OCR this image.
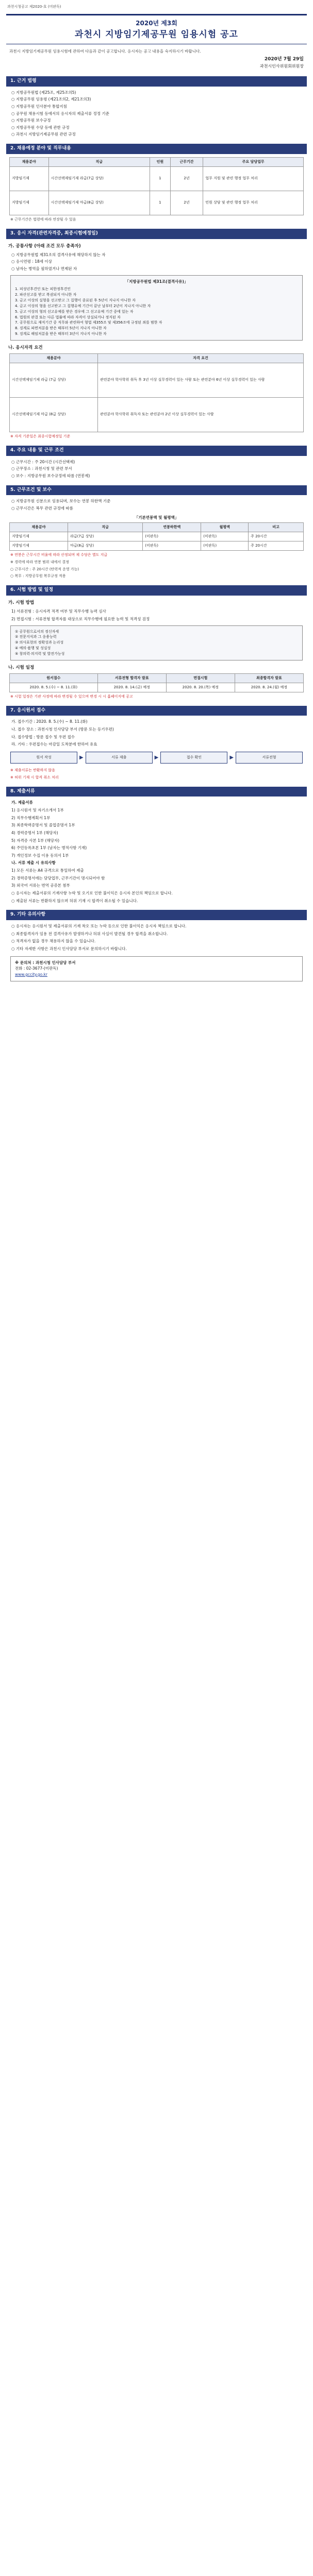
과천시청공고 제2020-호 (미판독)
2020년 제3회
과천시 지방임기제공무원 임용시험 공고
과천시 지방임기제공무원 임용시험에 관하여 다음과 같이 공고합니다. 응시자는 공고 내용을 숙지하시기 바랍니다.
2020년 7월 29일
과천시인사위원회위원장
1. 근거 법령
○ 지방공무원법 (제25조, 제25조의5)
○ 지방공무원 임용령 (제21조의2, 제21조의3)
○ 지방공무원 인사분야 통합지침
○ 공무원 채용시험 등에서의 응시자의 제출서류 정정 기준
○ 지방공무원 보수규정
○ 지방공무원 수당 등에 관한 규정
○ 과천시 지방임기제공무원 관련 규정
2. 채용예정 분야 및 직무내용
채용분야	직급	인원	근무기간	주요 담당업무
지방임기제	시간선택제임기제 라급(7급 상당)	1	2년	업무 지원 및 관련 행정 업무 처리
지방임기제	시간선택제임기제 마급(8급 상당)	1	2년	민원 상담 및 관련 행정 업무 처리
※ 근무기간은 법령에 따라 연장될 수 있음
3. 응시 자격(관련자격증, 최종시험예정일)
가. 공통사항 (아래 조건 모두 충족자)
○ 지방공무원법 제31조의 결격사유에 해당하지 않는 자
○ 응시연령 : 18세 이상
○ 남자는 병역을 필하였거나 면제된 자
「지방공무원법 제31조(결격사유)」
1. 피성년후견인 또는 피한정후견인
2. 파산선고를 받고 복권되지 아니한 자
3. 금고 이상의 실형을 선고받고 그 집행이 종료된 후 5년이 지나지 아니한 자
4. 금고 이상의 형을 선고받고 그 집행유예 기간이 끝난 날부터 2년이 지나지 아니한 자
5. 금고 이상의 형의 선고유예를 받은 경우에 그 선고유예 기간 중에 있는 자
6. 법원의 판결 또는 다른 법률에 따라 자격이 상실되거나 정지된 자
7. 공무원으로 재직기간 중 직무와 관련하여 형법 제355조 및 제356조에 규정된 죄를 범한 자
8. 징계로 파면처분을 받은 때부터 5년이 지나지 아니한 자
9. 징계로 해임처분을 받은 때부터 3년이 지나지 아니한 자
나. 응시자격 요건
채용분야	자격 요건
시간선택제임기제 라급 (7급 상당)	관련분야 학사학위 취득 후 3년 이상 실무경력이 있는 사람 또는 관련분야 6년 이상 실무경력이 있는 사람
시간선택제임기제 마급 (8급 상당)	관련분야 학사학위 취득자 또는 관련분야 2년 이상 실무경력이 있는 사람
※ 자격 기준일은 최종시험예정일 기준
4. 주요 내용 및 근무 조건
○ 근무시간 : 주 20시간 (시간선택제)
○ 근무장소 : 과천시청 및 관련 부서
○ 보수 : 지방공무원 보수규정에 따름 (연봉제)
5. 근무조건 및 보수
○ 지방공무원 신분으로 임용되며, 보수는 연봉 하한액 기준
○ 근무시간은 복무 관련 규정에 따름
「기본연봉액 및 월평액」
채용분야	직급	연봉하한액	월평액	비고
지방임기제	라급(7급 상당)	(미판독)	(미판독)	주 20시간
지방임기제	마급(8급 상당)	(미판독)	(미판독)	주 20시간
※ 연봉은 근무시간 비율에 따라 산정되며 제 수당은 별도 지급
※ 경력에 따라 연봉 범위 내에서 결정
○ 근무시간 : 주 20시간 (탄력적 운영 가능)
○ 복무 : 지방공무원 복무규정 적용
6. 시험 방법 및 일정
가. 시험 방법
1) 서류전형 : 응시자격 적격 여부 및 직무수행 능력 심사
2) 면접시험 : 서류전형 합격자를 대상으로 직무수행에 필요한 능력 및 적격성 검정
① 공무원으로서의 정신자세
② 전문지식과 그 응용능력
③ 의사표현의 정확성과 논리성
④ 예의·품행 및 성실성
⑤ 창의력·의지력 및 발전가능성
나. 시험 일정
원서접수	서류전형 합격자 발표	면접시험	최종합격자 발표
2020. 8. 5.(수) ~ 8. 11.(화)	2020. 8. 14.(금) 예정	2020. 8. 20.(목) 예정	2020. 8. 24.(월) 예정
※ 시험 일정은 기관 사정에 따라 변경될 수 있으며 변경 시 시 홈페이지에 공고
7. 응시원서 접수
가. 접수기간 : 2020. 8. 5.(수) ~ 8. 11.(화)
나. 접수 장소 : 과천시청 인사담당 부서 (방문 또는 등기우편)
다. 접수방법 : 방문 접수 및 우편 접수
라. 기타 : 우편접수는 마감일 도착분에 한하여 유효
원서 작성	▶	서류 제출	▶	접수 확인	▶	서류전형
※ 제출서류는 반환하지 않음
※ 허위 기재 시 합격 취소 처리
8. 제출서류
가. 제출서류
1) 응시원서 및 자기소개서 1부
2) 직무수행계획서 1부
3) 최종학력증명서 및 졸업증명서 1부
4) 경력증명서 1부 (해당자)
5) 자격증 사본 1부 (해당자)
6) 주민등록초본 1부 (남자는 병적사항 기재)
7) 개인정보 수집 이용 동의서 1부
나. 서류 제출 시 유의사항
1) 모든 서류는 A4 규격으로 통일하여 제출
2) 경력증명서에는 담당업무, 근무기간이 명시되어야 함
3) 외국어 서류는 번역 공증본 첨부
○ 응시자는 제출서류의 기재사항 누락 및 오기로 인한 불이익은 응시자 본인의 책임으로 합니다.
○ 제출된 서류는 반환하지 않으며 허위 기재 시 합격이 취소될 수 있습니다.
9. 기타 유의사항
○ 응시자는 응시원서 및 제출서류의 기재 착오 또는 누락 등으로 인한 불이익은 응시자 책임으로 합니다.
○ 최종합격자가 임용 전 결격사유가 발생하거나 허위 사실이 발견될 경우 합격을 취소합니다.
○ 적격자가 없을 경우 채용하지 않을 수 있습니다.
○ 기타 자세한 사항은 과천시 인사담당 부서로 문의하시기 바랍니다.
※ 문의처 : 과천시청 인사담당 부서
전화 : 02-3677-(미판독)
www.gccity.go.kr
